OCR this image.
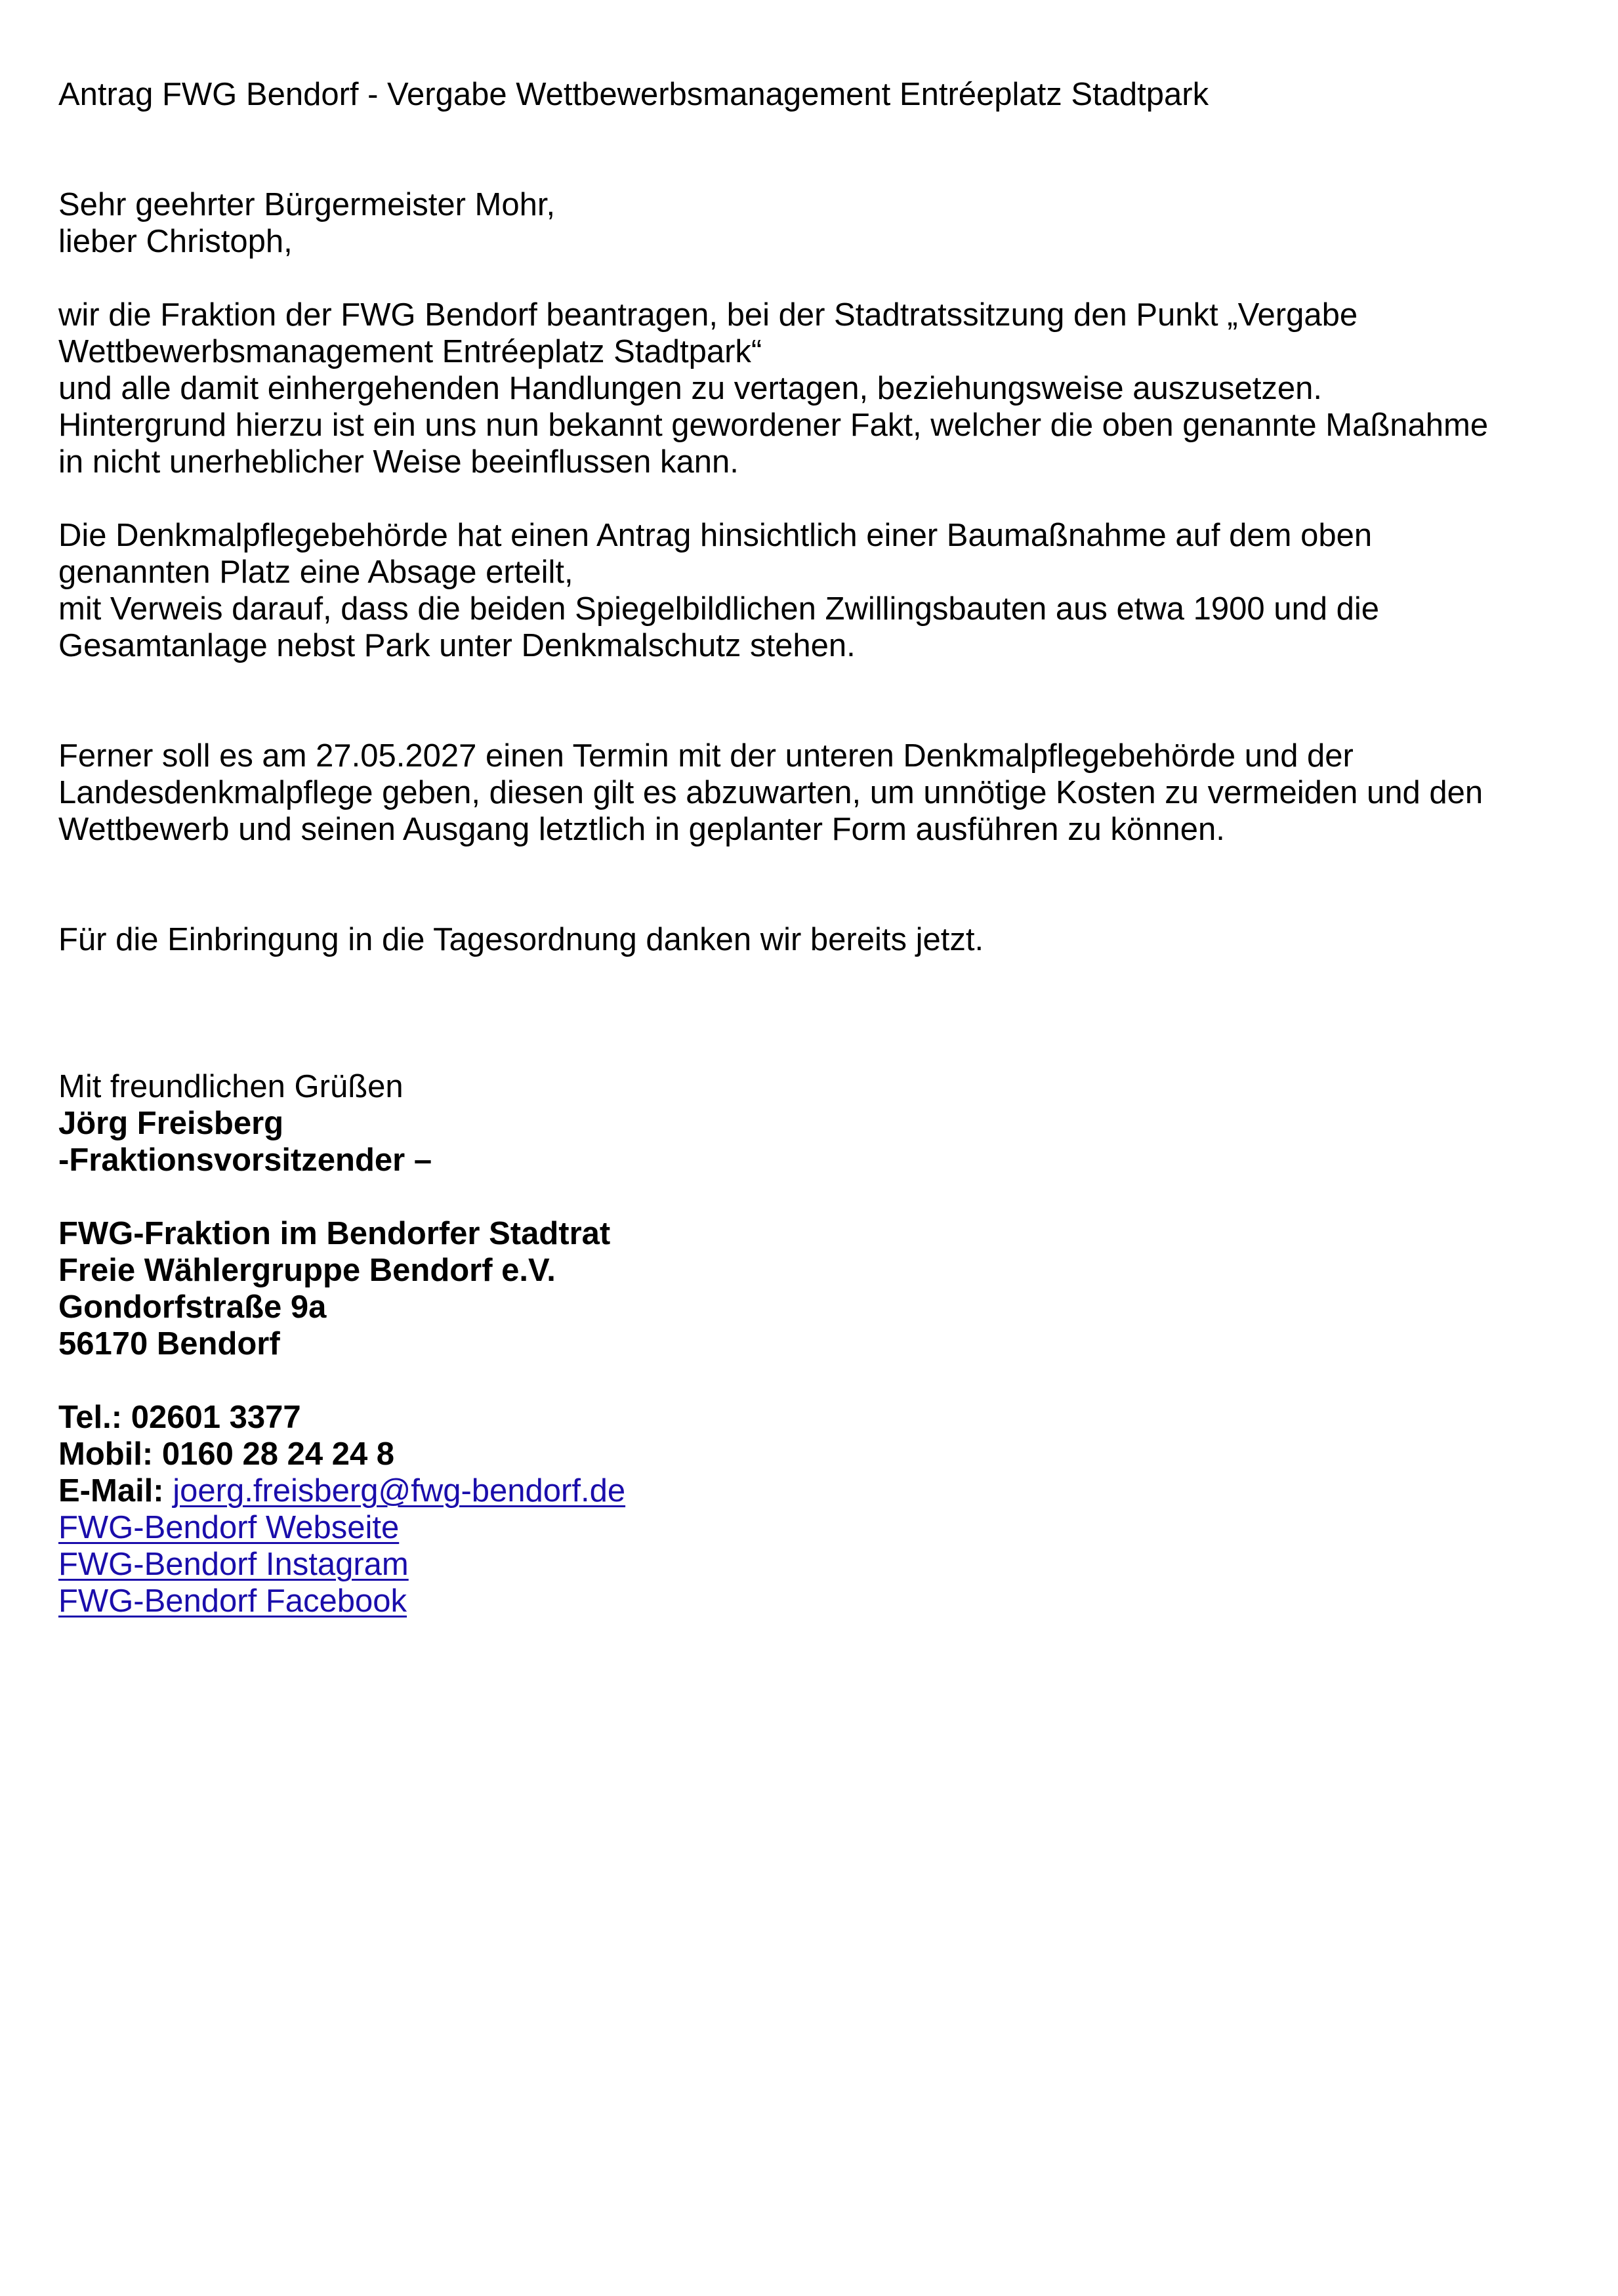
Antrag FWG Bendorf - Vergabe Wettbewerbsmanagement Entréeplatz Stadtpark
Sehr geehrter Bürgermeister Mohr,
lieber Christoph,
wir die Fraktion der FWG Bendorf beantragen, bei der Stadtratssitzung den Punkt „Vergabe
Wettbewerbsmanagement Entréeplatz Stadtpark“
und alle damit einhergehenden Handlungen zu vertagen, beziehungsweise auszusetzen.
Hintergrund hierzu ist ein uns nun bekannt gewordener Fakt, welcher die oben genannte Maßnahme
in nicht unerheblicher Weise beeinflussen kann.
Die Denkmalpflegebehörde hat einen Antrag hinsichtlich einer Baumaßnahme auf dem oben
genannten Platz eine Absage erteilt,
mit Verweis darauf, dass die beiden Spiegelbildlichen Zwillingsbauten aus etwa 1900 und die
Gesamtanlage nebst Park unter Denkmalschutz stehen.
Ferner soll es am 27.05.2027 einen Termin mit der unteren Denkmalpflegebehörde und der
Landesdenkmalpflege geben, diesen gilt es abzuwarten, um unnötige Kosten zu vermeiden und den
Wettbewerb und seinen Ausgang letztlich in geplanter Form ausführen zu können.
Für die Einbringung in die Tagesordnung danken wir bereits jetzt.
Mit freundlichen Grüßen
Jörg Freisberg
-Fraktionsvorsitzender –
FWG-Fraktion im Bendorfer Stadtrat
Freie Wählergruppe Bendorf e.V.
Gondorfstraße 9a
56170 Bendorf
Tel.: 02601 3377
Mobil: 0160 28 24 24 8
E-Mail: joerg.freisberg@fwg-bendorf.de
FWG-Bendorf Webseite
FWG-Bendorf Instagram
FWG-Bendorf Facebook
